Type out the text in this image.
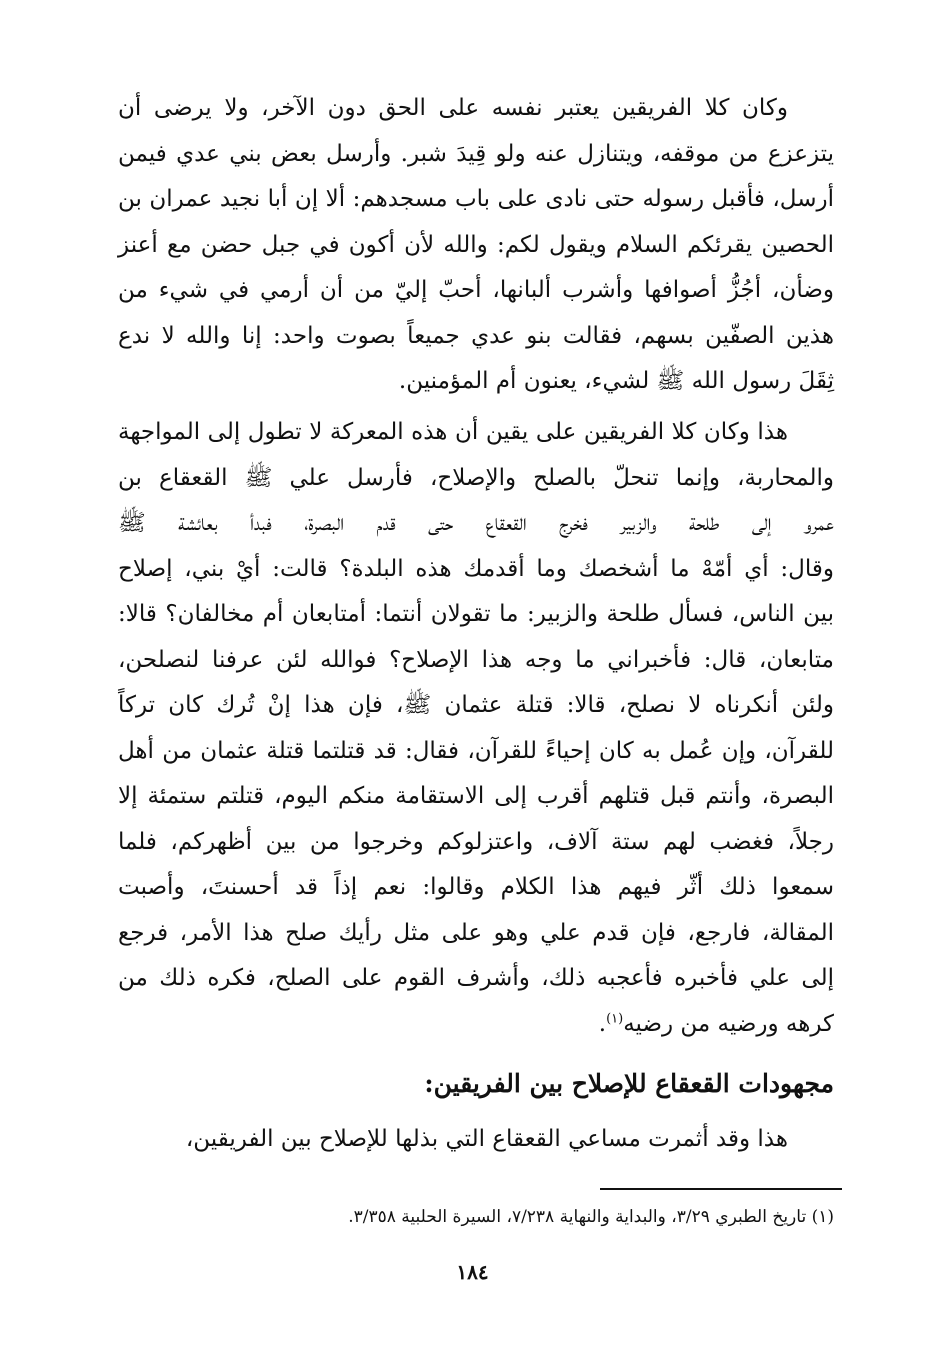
وكان كلا الفريقين يعتبر نفسه على الحق دون الآخر، ولا يرضى أن
يتزعزع من موقفه، ويتنازل عنه ولو قِيدَ شبر. وأرسل بعض بني عدي فيمن
أرسل، فأقبل رسوله حتى نادى على باب مسجدهم: ألا إن أبا نجيد عمران بن
الحصين يقرئكم السلام ويقول لكم: والله لأن أكون في جبل حضن مع أعنز
وضأن، أجُزُّ أصوافها وأشرب ألبانها، أحبّ إليّ من أن أرمي في شيء من
هذين الصفّين بسهم، فقالت بنو عدي جميعاً بصوت واحد: إنا والله لا ندع
ثِقَلَ رسول الله ﷺ لشيء، يعنون أم المؤمنين.
هذا وكان كلا الفريقين على يقين أن هذه المعركة لا تطول إلى المواجهة
والمحاربة، وإنما تنحلّ بالصلح والإصلاح، فأرسل علي ﷺ القعقاع بن
عمرو إلى طلحة والزبير فخرج القعقاع حتى قدم البصرة، فبدأ بعائشة ﷺ
وقال: أي أمّهْ ما أشخصك وما أقدمك هذه البلدة؟ قالت: أيْ بني، إصلاح
بين الناس، فسأل طلحة والزبير: ما تقولان أنتما: أمتابعان أم مخالفان؟ قالا:
متابعان، قال: فأخبراني ما وجه هذا الإصلاح؟ فوالله لئن عرفنا لنصلحن،
ولئن أنكرناه لا نصلح، قالا: قتلة عثمان ﷺ، فإن هذا إنْ تُرك كان تركاً
للقرآن، وإن عُمل به كان إحياءً للقرآن، فقال: قد قتلتما قتلة عثمان من أهل
البصرة، وأنتم قبل قتلهم أقرب إلى الاستقامة منكم اليوم، قتلتم ستمئة إلا
رجلاً، فغضب لهم ستة آلاف، واعتزلوكم وخرجوا من بين أظهركم، فلما
سمعوا ذلك أثّر فيهم هذا الكلام وقالوا: نعم إذاً قد أحسنتَ، وأصبت
المقالة، فارجع، فإن قدم علي وهو على مثل رأيك صلح هذا الأمر، فرجع
إلى علي فأخبره فأعجبه ذلك، وأشرف القوم على الصلح، فكره ذلك من
كرهه ورضيه من رضيه$^{(١)}$.
مجهودات القعقاع للإصلاح بين الفريقين:
هذا وقد أثمرت مساعي القعقاع التي بذلها للإصلاح بين الفريقين،
(١) تاريخ الطبري ٣/٢٩، والبداية والنهاية ٧/٢٣٨، السيرة الحلبية ٣/٣٥٨.
١٨٤
